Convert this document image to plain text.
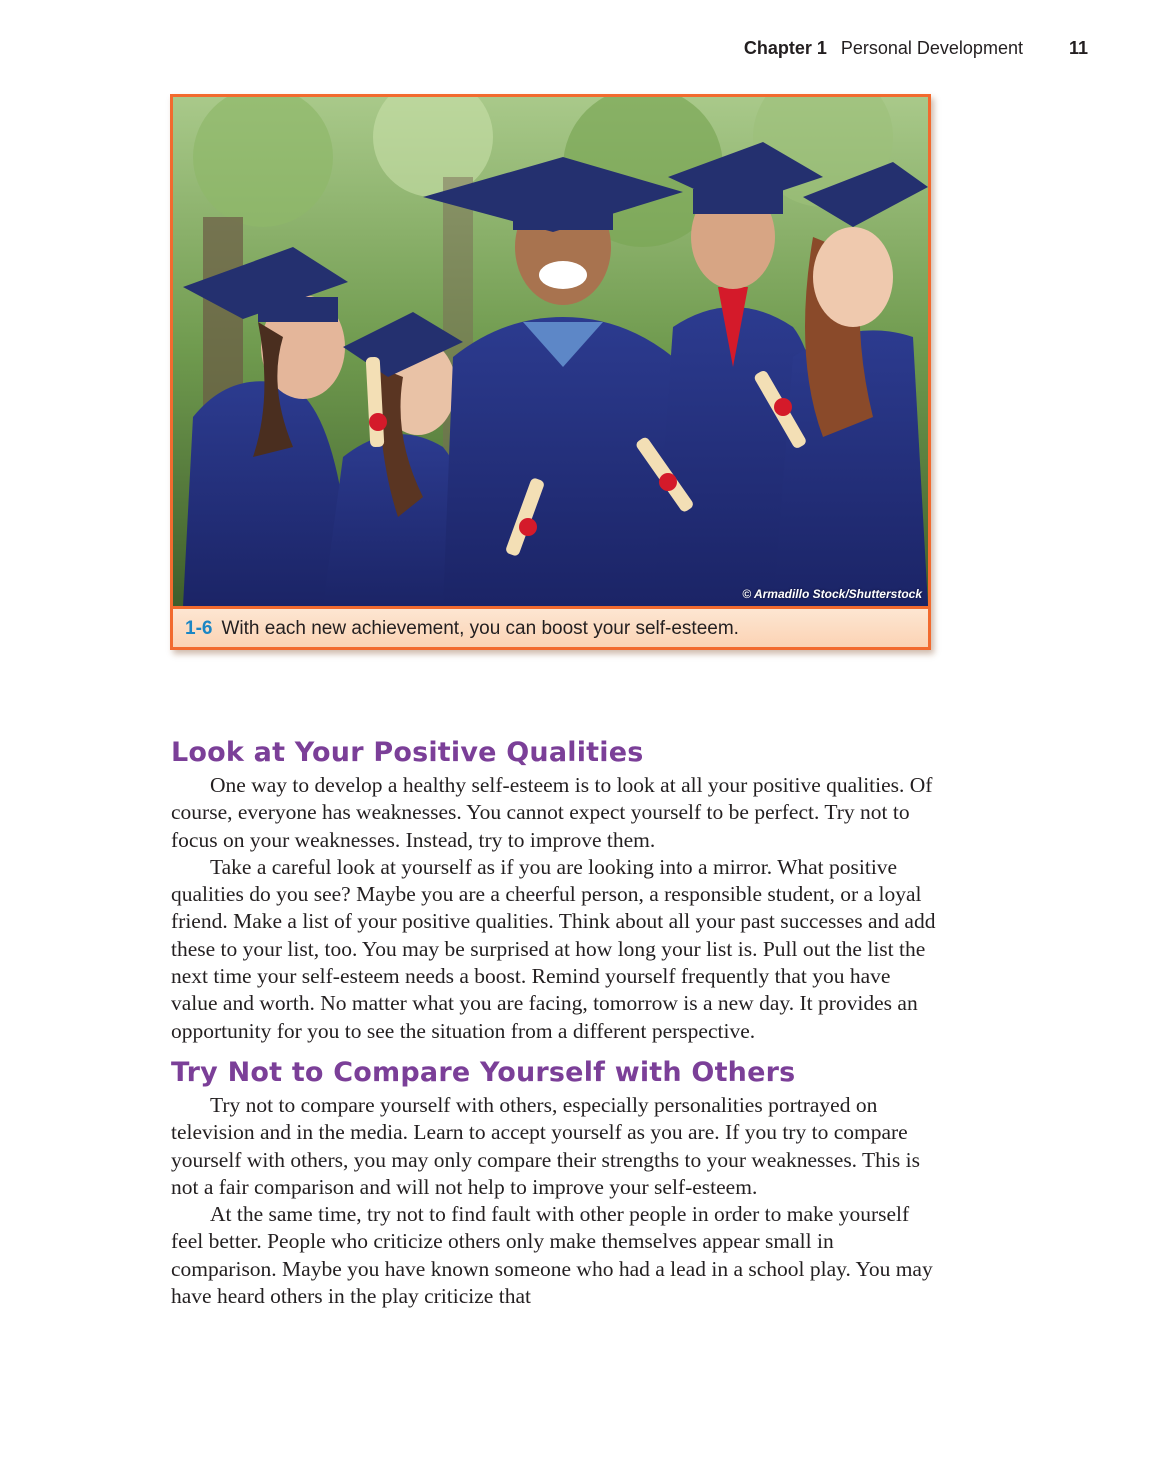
Chapter 1 Personal Development	11
© Armadillo Stock/Shutterstock
1-6 With each new achievement, you can boost your self-esteem.
Look at Your Positive Qualities

One way to develop a healthy self-esteem is to look at all your positive qualities. Of course, everyone has weaknesses. You cannot expect yourself to be perfect. Try not to focus on your weaknesses. Instead, try to improve them.

Take a careful look at yourself as if you are looking into a mirror. What positive qualities do you see? Maybe you are a cheerful person, a responsible student, or a loyal friend. Make a list of your positive qualities. Think about all your past successes and add these to your list, too. You may be surprised at how long your list is. Pull out the list the next time your self-esteem needs a boost. Remind yourself frequently that you have value and worth. No matter what you are facing, tomorrow is a new day. It provides an opportunity for you to see the situation from a different perspective.

Try Not to Compare Yourself with Others

Try not to compare yourself with others, especially personalities portrayed on television and in the media. Learn to accept yourself as you are. If you try to compare yourself with others, you may only compare their strengths to your weaknesses. This is not a fair comparison and will not help to improve your self-esteem.

At the same time, try not to find fault with other people in order to make yourself feel better. People who criticize others only make themselves appear small in comparison. Maybe you have known someone who had a lead in a school play. You may have heard others in the play criticize that
